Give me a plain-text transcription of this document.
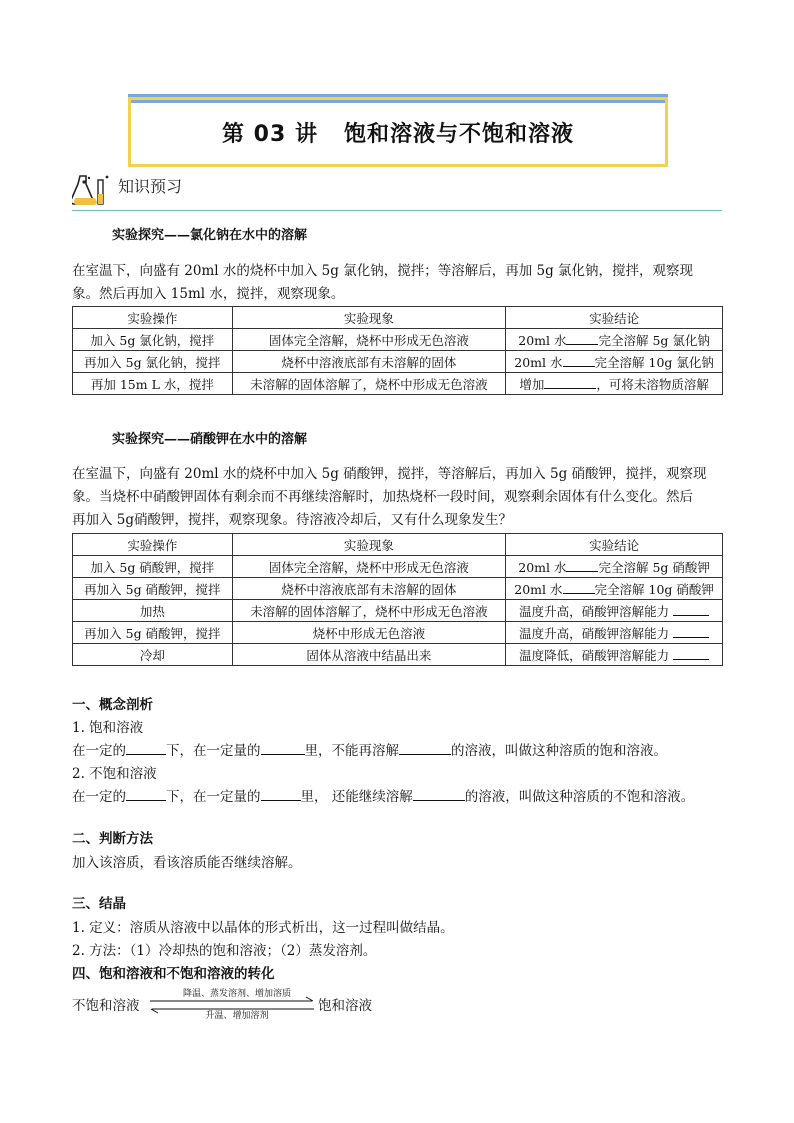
第 03 讲 饱和溶液与不饱和溶液
知识预习
实验探究——氯化钠在水中的溶解
在室温下，向盛有 20ml 水的烧杯中加入 5g 氯化钠，搅拌；等溶解后，再加 5g 氯化钠，搅拌，观察现
象。然后再加入 15ml 水，搅拌，观察现象。
实验操作	实验现象	实验结论
加入 5g 氯化钠，搅拌	固体完全溶解，烧杯中形成无色溶液	20ml 水 完全溶解 5g 氯化钠
再加入 5g 氯化钠，搅拌	烧杯中溶液底部有未溶解的固体	20ml 水 完全溶解 10g 氯化钠
再加 15m L 水，搅拌	未溶解的固体溶解了，烧杯中形成无色溶液	增加 ，可将未溶物质溶解
实验探究——硝酸钾在水中的溶解
在室温下，向盛有 20ml 水的烧杯中加入 5g 硝酸钾，搅拌，等溶解后，再加入 5g 硝酸钾，搅拌，观察现
象。当烧杯中硝酸钾固体有剩余而不再继续溶解时，加热烧杯一段时间，观察剩余固体有什么变化。然后
再加入 5g硝酸钾，搅拌，观察现象。待溶液冷却后，又有什么现象发生？
实验操作	实验现象	实验结论
加入 5g 硝酸钾，搅拌	固体完全溶解，烧杯中形成无色溶液	20ml 水 完全溶解 5g 硝酸钾
再加入 5g 硝酸钾，搅拌	烧杯中溶液底部有未溶解的固体	20ml 水 完全溶解 10g 硝酸钾
加热	未溶解的固体溶解了，烧杯中形成无色溶液	温度升高，硝酸钾溶解能力
再加入 5g 硝酸钾，搅拌	烧杯中形成无色溶液	温度升高，硝酸钾溶解能力
冷却	固体从溶液中结晶出来	温度降低，硝酸钾溶解能力
一、概念剖析
1. 饱和溶液
在一定的	下，在一定量的	里，不能再溶解	的溶液，叫做这种溶质的饱和溶液。
2. 不饱和溶液
在一定的	下，在一定量的	里， 还能继续溶解	的溶液，叫做这种溶质的不饱和溶液。
二、判断方法
加入该溶质，看该溶质能否继续溶解。
三、结晶
1. 定义：溶质从溶液中以晶体的形式析出，这一过程叫做结晶。
2. 方法：（1）冷却热的饱和溶液；（2）蒸发溶剂。
四、饱和溶液和不饱和溶液的转化
不饱和溶液
降温、蒸发溶剂、增加溶质
升温、增加溶剂
饱和溶液
